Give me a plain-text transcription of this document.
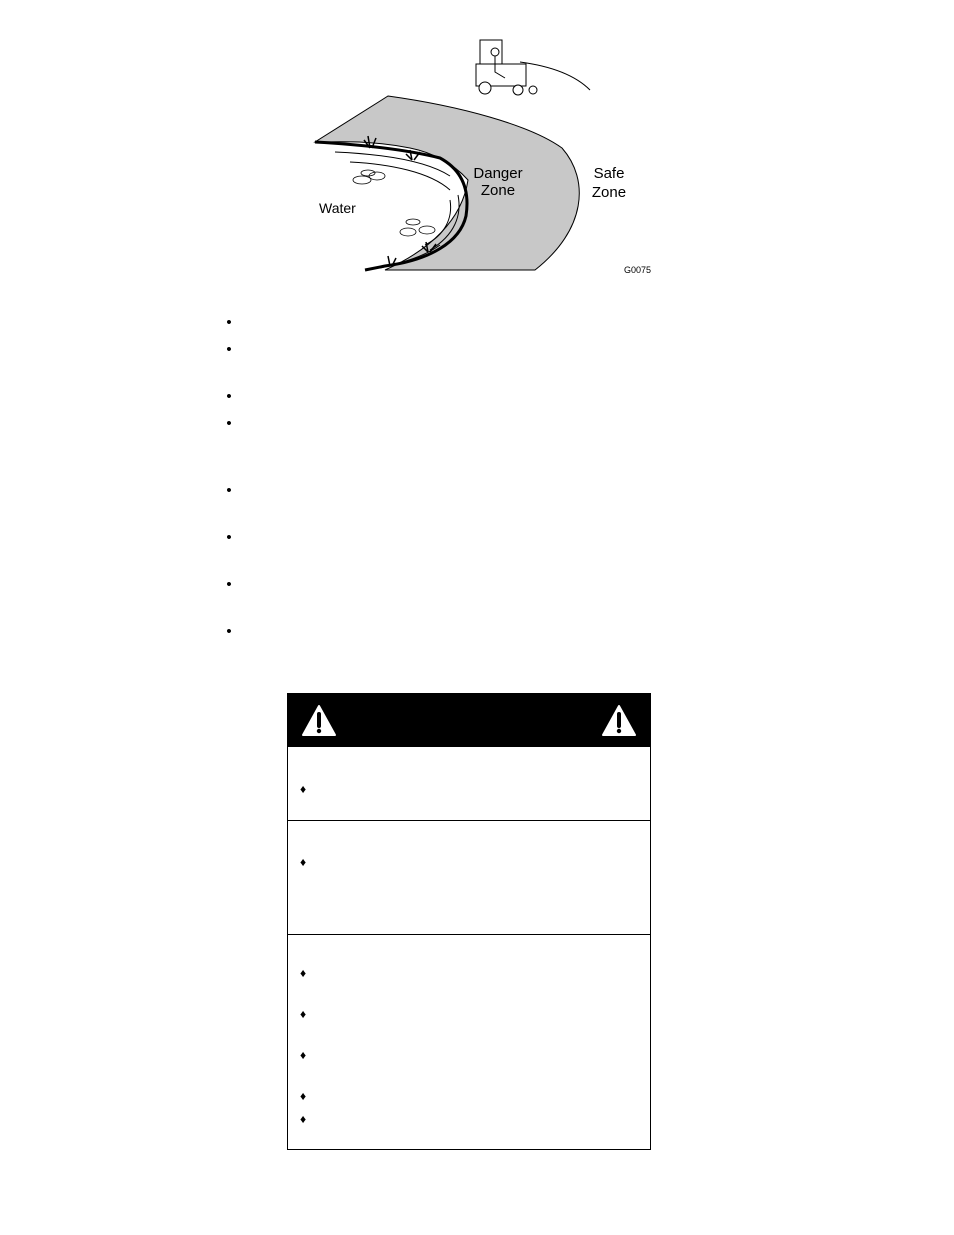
Water
Danger
Zone
Safe
Zone
G0075
•
•
•
•
•
•
•
•
♦
♦
♦
♦
♦
♦
♦
